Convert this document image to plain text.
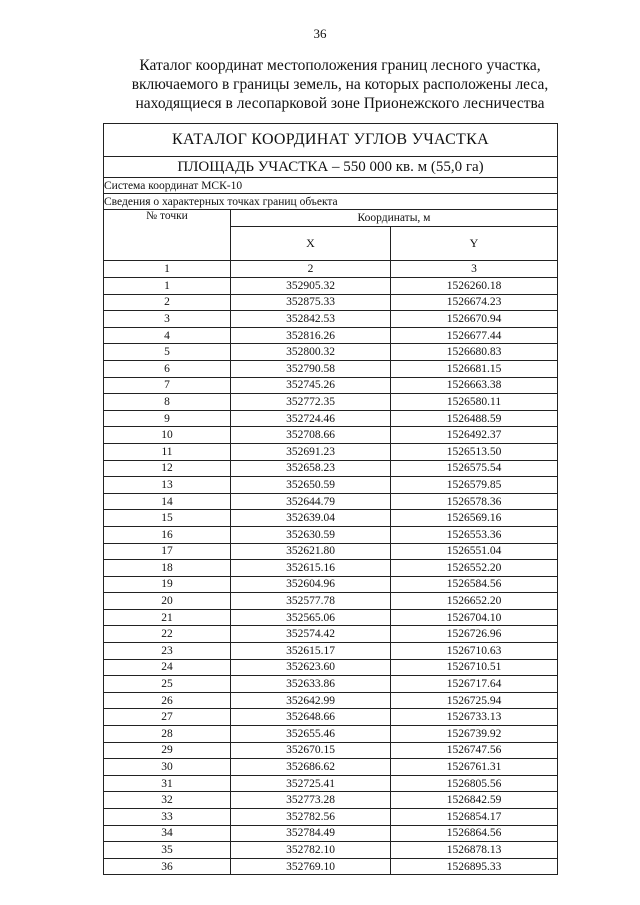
36
Каталог координат местоположения границ лесного участка,
включаемого в границы земель, на которых расположены леса,
находящиеся в лесопарковой зоне Прионежского лесничества
КАТАЛОГ КООРДИНАТ УГЛОВ УЧАСТКА		
ПЛОЩАДЬ УЧАСТКА – 550 000 кв. м (55,0 га)		
Система координат МСК-10		
Сведения о характерных точках границ объекта		
№ точки	Координаты, м	
	X	Y
1	2	3
1	352905.32	1526260.18
2	352875.33	1526674.23
3	352842.53	1526670.94
4	352816.26	1526677.44
5	352800.32	1526680.83
6	352790.58	1526681.15
7	352745.26	1526663.38
8	352772.35	1526580.11
9	352724.46	1526488.59
10	352708.66	1526492.37
11	352691.23	1526513.50
12	352658.23	1526575.54
13	352650.59	1526579.85
14	352644.79	1526578.36
15	352639.04	1526569.16
16	352630.59	1526553.36
17	352621.80	1526551.04
18	352615.16	1526552.20
19	352604.96	1526584.56
20	352577.78	1526652.20
21	352565.06	1526704.10
22	352574.42	1526726.96
23	352615.17	1526710.63
24	352623.60	1526710.51
25	352633.86	1526717.64
26	352642.99	1526725.94
27	352648.66	1526733.13
28	352655.46	1526739.92
29	352670.15	1526747.56
30	352686.62	1526761.31
31	352725.41	1526805.56
32	352773.28	1526842.59
33	352782.56	1526854.17
34	352784.49	1526864.56
35	352782.10	1526878.13
36	352769.10	1526895.33
